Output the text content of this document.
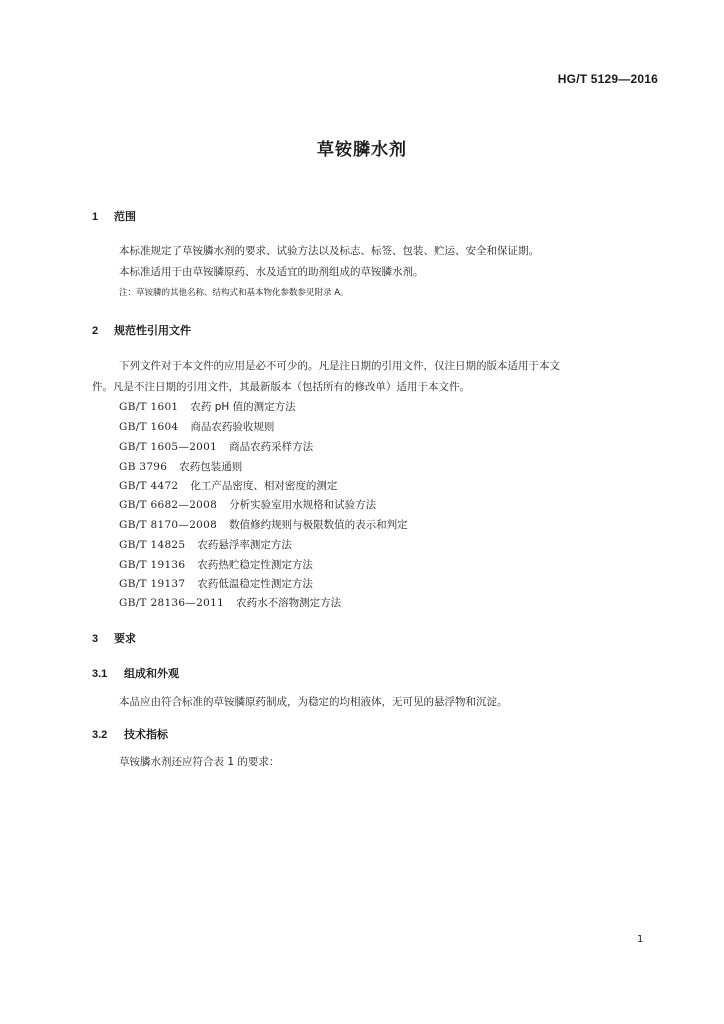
HG/T 5129—2016
草铵膦水剂
1 范围
本标准规定了草铵膦水剂的要求、试验方法以及标志、标签、包装、贮运、安全和保证期。
本标准适用于由草铵膦原药、水及适宜的助剂组成的草铵膦水剂。
注：草铵膦的其他名称、结构式和基本物化参数参见附录 A。
2 规范性引用文件
下列文件对于本文件的应用是必不可少的。凡是注日期的引用文件，仅注日期的版本适用于本文
件。凡是不注日期的引用文件，其最新版本（包括所有的修改单）适用于本文件。
GB/T 1601 农药 pH 值的测定方法
GB/T 1604 商品农药验收规则
GB/T 1605—2001 商品农药采样方法
GB 3796 农药包装通则
GB/T 4472 化工产品密度、相对密度的测定
GB/T 6682—2008 分析实验室用水规格和试验方法
GB/T 8170—2008 数值修约规则与极限数值的表示和判定
GB/T 14825 农药悬浮率测定方法
GB/T 19136 农药热贮稳定性测定方法
GB/T 19137 农药低温稳定性测定方法
GB/T 28136—2011 农药水不溶物测定方法
3 要求
3.1 组成和外观
本品应由符合标准的草铵膦原药制成，为稳定的均相液体，无可见的悬浮物和沉淀。
3.2 技术指标
草铵膦水剂还应符合表 1 的要求：
1
